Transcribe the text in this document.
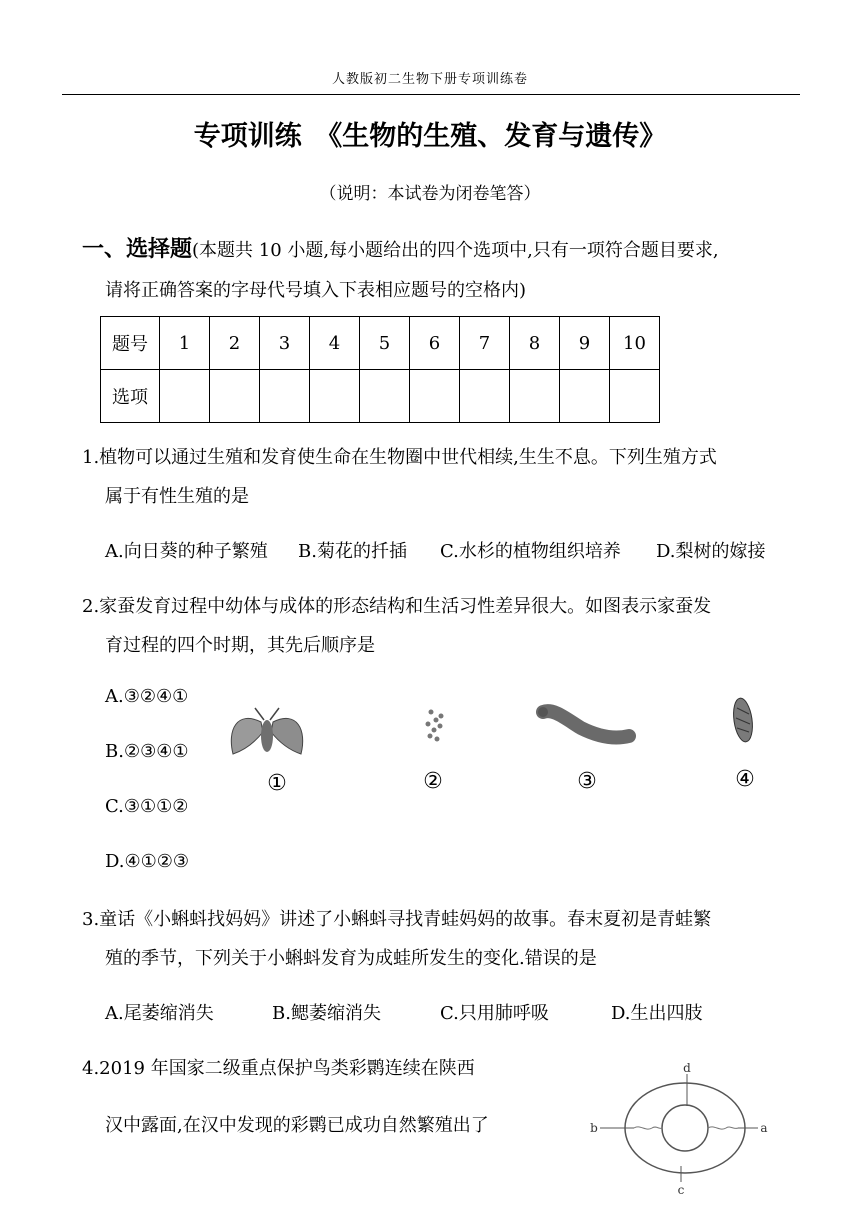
人教版初二生物下册专项训练卷
专项训练　《生物的生殖、发育与遗传》
（说明：本试卷为闭卷笔答）
一、选择题(本题共 10 小题,每小题给出的四个选项中,只有一项符合题目要求,
请将正确答案的字母代号填入下表相应题号的空格内)
题号	1	2	3	4	5	6	7	8	9	10
选项										
1.植物可以通过生殖和发育使生命在生物圈中世代相续,生生不息。下列生殖方式
属于有性生殖的是
A.向日葵的种子繁殖 B.菊花的扦插 C.水杉的植物组织培养 D.梨树的嫁接
2.家蚕发育过程中幼体与成体的形态结构和生活习性差异很大。如图表示家蚕发
育过程的四个时期，其先后顺序是
A.③②④①
B.②③④①
C.③①①②
D.④①②③
①	②	③	④
3.童话《小蝌蚪找妈妈》讲述了小蝌蚪寻找青蛙妈妈的故事。春末夏初是青蛙繁
殖的季节，下列关于小蝌蚪发育为成蛙所发生的变化.错误的是
A.尾萎缩消失	B.鳃萎缩消失	C.只用肺呼吸	D.生出四肢
4.2019 年国家二级重点保护鸟类彩鹮连续在陕西
汉中露面,在汉中发现的彩鹮已成功自然繁殖出了
d
b	a
c
